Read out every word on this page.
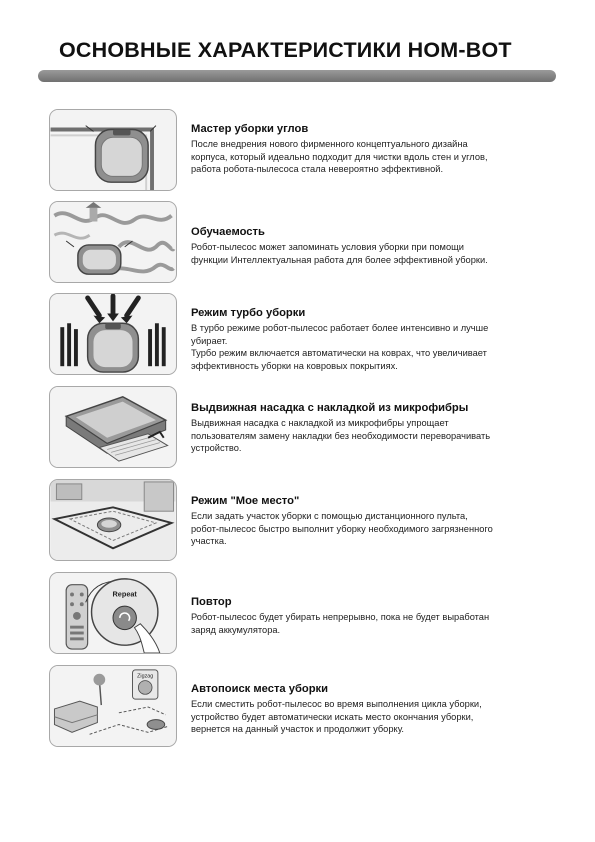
ОСНОВНЫЕ ХАРАКТЕРИСТИКИ HOM-BOT

Мастер уборки углов

После внедрения нового фирменного концептуального дизайна
корпуса, который идеально подходит для чистки вдоль стен и углов,
работа робота-пылесоса стала невероятно эффективной.

Обучаемость

Робот-пылесос может запоминать условия уборки при помощи
функции Интеллектуальная работа для более эффективной уборки.

Режим турбо уборки

В турбо режиме робот-пылесос работает более интенсивно и лучше
убирает.
Турбо режим включается автоматически на коврах, что увеличивает
эффективность уборки на ковровых покрытиях.

Выдвижная насадка с накладкой из микрофибры

Выдвижная насадка с накладкой из микрофибры упрощает
пользователям замену накладки без необходимости переворачивать
устройство.

Режим "Мое место"

Если задать участок уборки с помощью дистанционного пульта,
робот-пылесос быстро выполнит уборку необходимого загрязненного
участка.

Repeat

Повтор

Робот-пылесос будет убирать непрерывно, пока не будет выработан
заряд аккумулятора.

Zigzag

Автопоиск места уборки

Если сместить робот-пылесос во время выполнения цикла уборки,
устройство будет автоматически искать место окончания уборки,
вернется на данный участок и продолжит уборку.
